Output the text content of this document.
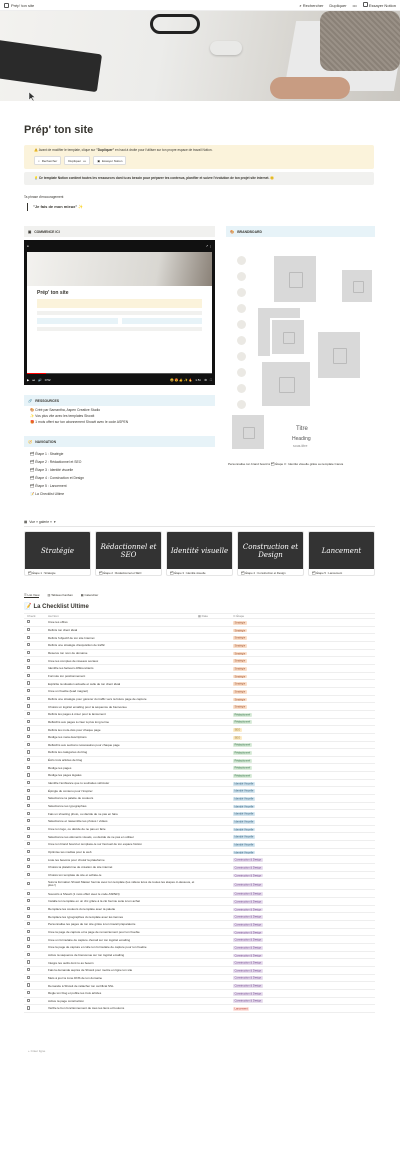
Prép' ton site	⌕ Rechercher Dupliquer •••	Essayer Notion
Prép' ton site
⚠️ Avant de modifier le template, clique sur "Dupliquer" en haut à droite pour l'utiliser sur ton propre espace de travail Notion.
⌕ Rechercher	Dupliquer •••	▣ Essayer Notion
💡 Ce template Notion contient toutes les ressources dont tu as besoin pour préparer tes contenus, planifier et suivre l'évolution de ton projet site internet. 😊
Ta phrase d'encouragement
"Je fais de mon mieux" ✨
▣ COMMENCE ICI
●	↗ ⋮
Prép' ton site
▶ ⏭ 🔊 0:52	😀 😍 👍 ✨ 🔥 1.5× ⚙ ⛶
🔗 RESSOURCES
🎨 Créé par Samantha, Aspen Creative Studio
✨ Vos plus vite avec les templates Showit
🎁 1 mois offert sur ton abonnement Showit avec le code ASPEN
🧭 NAVIGATION
🗂 Étape 1 : Stratégie
🗂 Étape 2 : Rédactionnel et SEO
🗂 Étape 3 : Identité visuelle
🗂 Étape 4 : Construction et Design
🗂 Étape 5 : Lancement
📝 La Checklist Ultime
🎨 BRANDBOARD
Titre
Heading
sous-titre
Personnalise ton brand board à 🗂 Étape 3 : Identité visuelle grâce au template Canva
▦ Vue « galerie » ▾
Stratégie
🗂 Étape 1 : Stratégie
Rédactionnel et SEO
🗂 Étape 2 : Rédactionnel et SEO
Identité visuelle
🗂 Étape 3 : Identité visuelle
Construction et Design
🗂 Étape 4 : Construction et Design
Lancement
🗂 Étape 5 : Lancement
☰ List View	▥ Tableau Kanban	▦ Calendrier
📝 La Checklist Ultime
Check	Aa Nom	▦ Date	⊙ Étape
Crée tes offres	Stratégie
Définis ton client idéal	Stratégie
Définis l'objectif de ton site Internet	Stratégie
Définis une stratégie d'acquisition de traffic	Stratégie
Réserve ton nom de domaine	Stratégie
Crée tes comptes de réseaux sociaux	Stratégie
Identifie tes facteurs différenciants	Stratégie
Formule ton positionnement	Stratégie
Explicite ta situation actuelle et celle de ton client idéal	Stratégie
Crée un freebie (lead magnet)	Stratégie
Définis une stratégie pour générer du traffic vers ta future page de capture	Stratégie
Choisis un logiciel emailing pour ta séquence de bienvenue	Stratégie
Définis les pages à créer pour le lancement	Rédactionnel
Réfléchis aux pages à créer à plus long terme	Rédactionnel
Définis les mots-clés pour chaque page	SEO
Rédige tes meta descriptions	SEO
Réfléchis aux sections nécessaires pour chaque page	Rédactionnel
Définis les catégories du blog	Rédactionnel
Écris trois articles de blog	Rédactionnel
Rédige tes pages	Rédactionnel
Rédige les pages légales	Rédactionnel
Identifie l'ambiance que tu souhaites véhiculer	Identité Visuelle
Épingle du contenu pour t'inspirer	Identité Visuelle
Sélectionne ta palette de couleurs	Identité Visuelle
Sélectionne tes typographies	Identité Visuelle
Fais un shooting photo, ou décide de ne pas en faire	Identité Visuelle
Sélectionne et rassemble tes photos / vidéos	Identité Visuelle
Crée ton logo, ou décide de ne pas en faire	Identité Visuelle
Sélectionne tes éléments visuels, ou décide de ne pas en utiliser	Identité Visuelle
Crée ton brand board et remplace-le sur l'accueil de ton espace Notion	Identité Visuelle
Optimise tes médias pour le web	Identité Visuelle
Liste les besoins pour choisir la plateforme	Construction & Design
Choisis ta plateforme de création de site internet	Construction & Design
Choisis ton template de site et achète-le	Construction & Design
Suis la formation Showit Master fournie avec ton template (les vidéos tutos de toutes les étapes ci-dessous, et plus !)	Construction & Design
Souscris à Showit (1 mois offert avec le code ASPEN)	Construction & Design
Installe ton template en un clic grâce à la clé fournie suite à ton achat	Construction & Design
Remplace les couleurs du template avec ta palette	Construction & Design
Remplace les typographies du template avec les tiennes	Construction & Design
Personnalise les pages de ton site grâce à ton travail préparatoire	Construction & Design
Crée ta page de capture et ta page de remerciement pour ton freebie	Construction & Design
Crée un formulaire de capture d'email sur ton logiciel emailing	Construction & Design
Crée la page de capture et colle ton formulaire de capture pour ton freebie	Construction & Design
Active ta séquence de bienvenue sur ton logiciel emailing	Construction & Design
Intègre les outils dont tu as besoin	Construction & Design
Fais la demande auprès de Showit pour mettre en ligne ton site	Construction & Design
Mets à jour la zone DNS de ton domaine	Construction & Design
Demande à Showit de rattacher ton certificat SSL	Construction & Design
Règle ton blog et publie tes trois articles	Construction & Design
Active ta page construction	Construction & Design
Vérifie le bon fonctionnement de tous tes liens et boutons	Lancement
+ Créer ligne
